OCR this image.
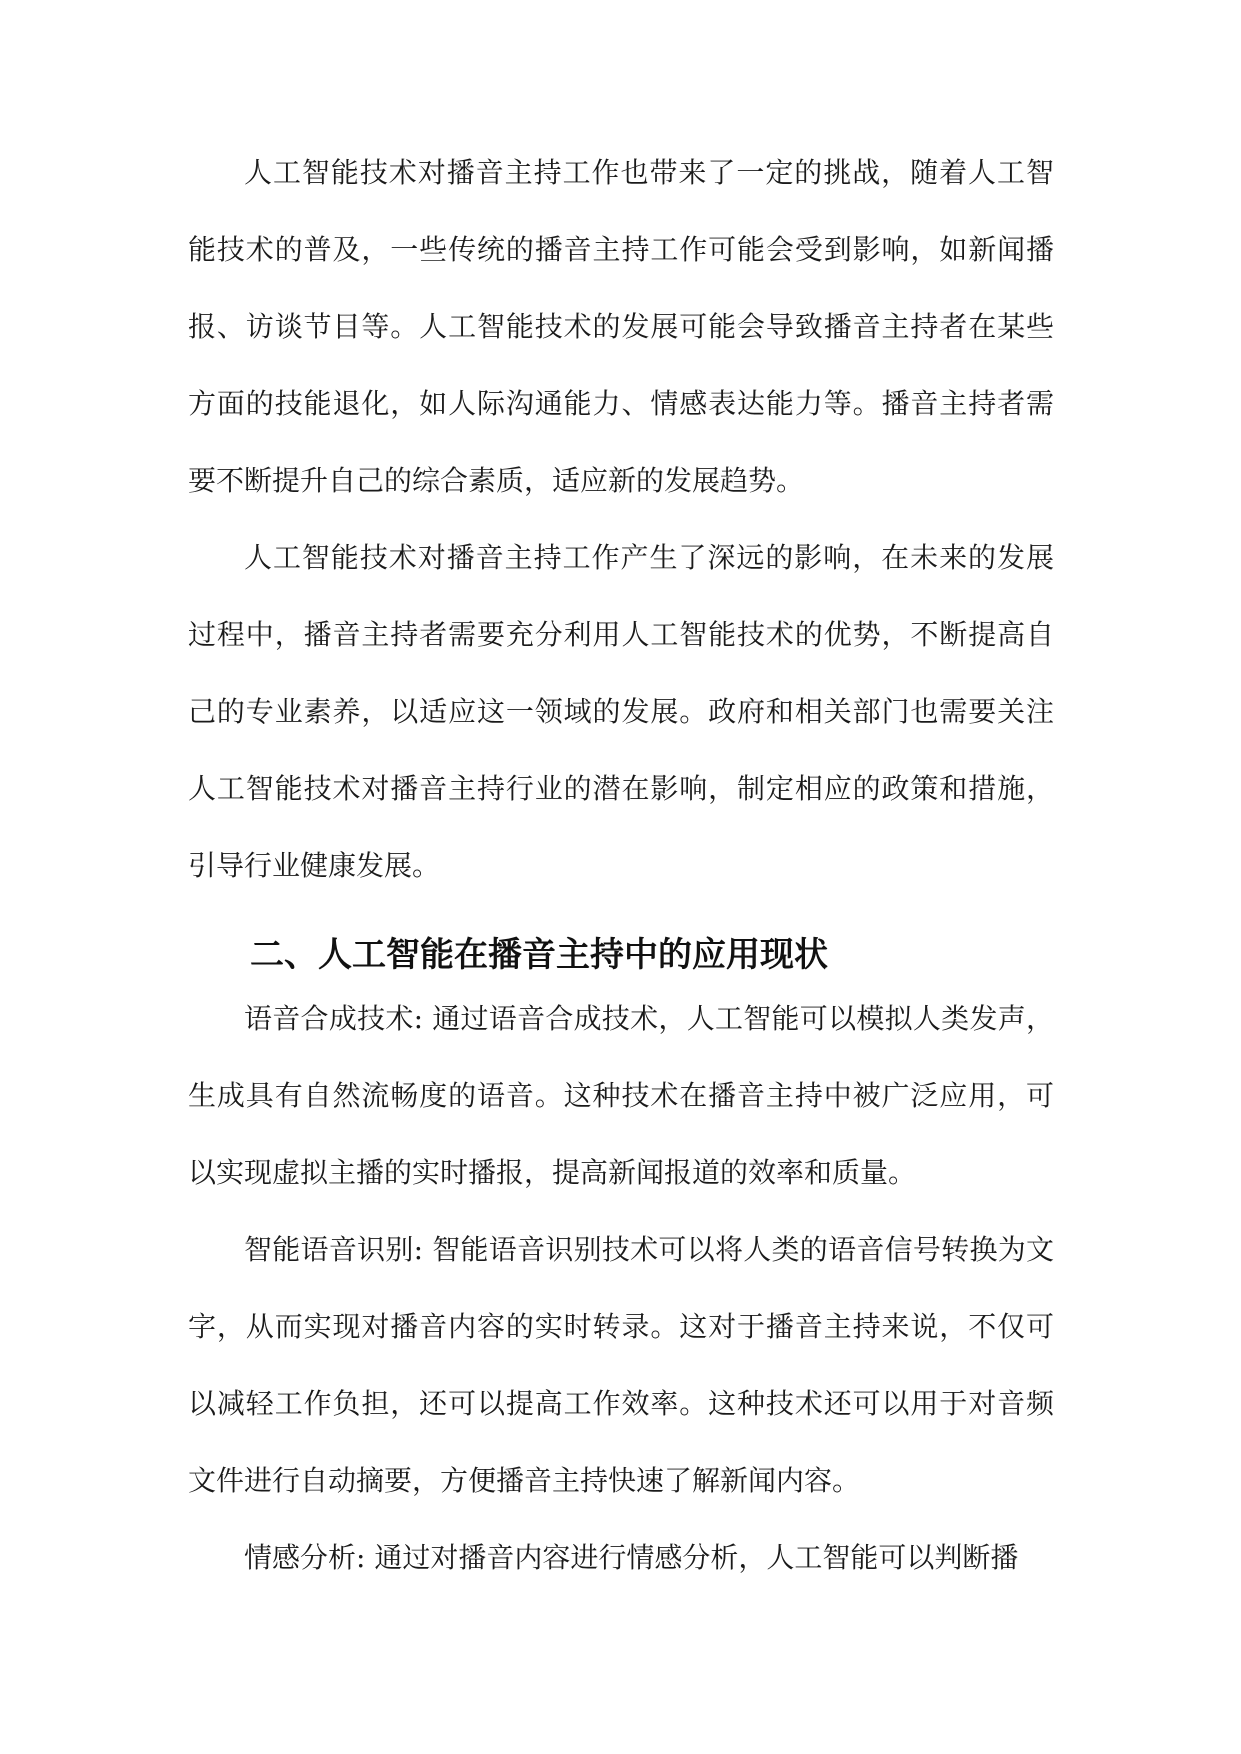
人工智能技术对播音主持工作也带来了一定的挑战，随着人工智能技术的普及，一些传统的播音主持工作可能会受到影响，如新闻播报、访谈节目等。人工智能技术的发展可能会导致播音主持者在某些方面的技能退化，如人际沟通能力、情感表达能力等。播音主持者需要不断提升自己的综合素质，适应新的发展趋势。

人工智能技术对播音主持工作产生了深远的影响，在未来的发展过程中，播音主持者需要充分利用人工智能技术的优势，不断提高自己的专业素养，以适应这一领域的发展。政府和相关部门也需要关注人工智能技术对播音主持行业的潜在影响，制定相应的政策和措施，引导行业健康发展。

二、人工智能在播音主持中的应用现状

语音合成技术: 通过语音合成技术，人工智能可以模拟人类发声，生成具有自然流畅度的语音。这种技术在播音主持中被广泛应用，可以实现虚拟主播的实时播报，提高新闻报道的效率和质量。

智能语音识别: 智能语音识别技术可以将人类的语音信号转换为文字，从而实现对播音内容的实时转录。这对于播音主持来说，不仅可以减轻工作负担，还可以提高工作效率。这种技术还可以用于对音频文件进行自动摘要，方便播音主持快速了解新闻内容。

情感分析: 通过对播音内容进行情感分析，人工智能可以判断播
